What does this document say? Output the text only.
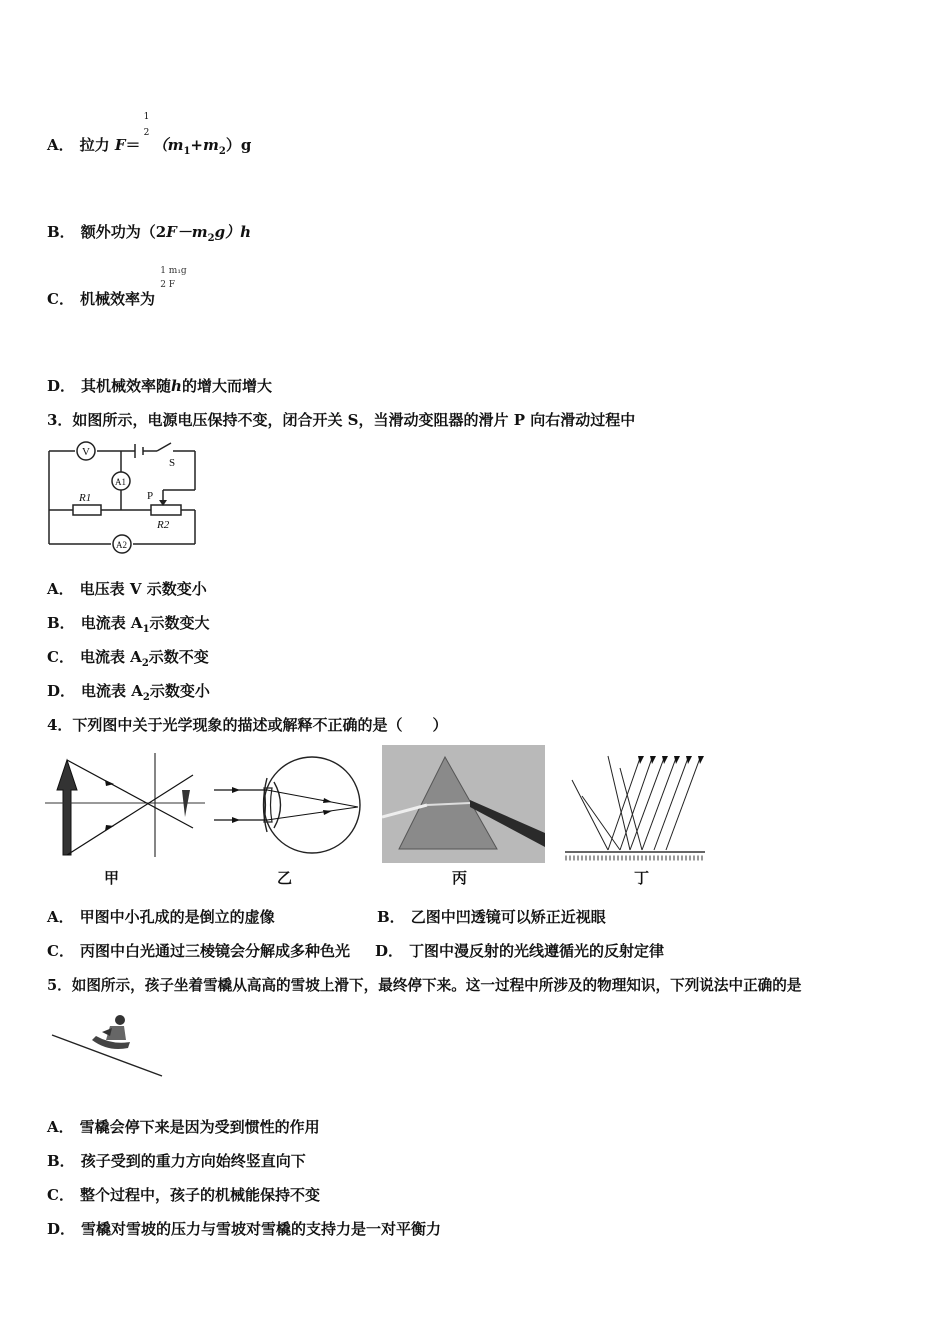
A． 拉力 F＝
1
2
$(m_1+m_2)g$
B． 额外功为$(2F-m_2g)h$
C． 机械效率为
1 m₁g
2 F
D． 其机械效率随h的增大而增大
3．如图所示，电源电压保持不变，闭合开关 S，当滑动变阻器的滑片 P 向右滑动过程中
V
A1
A2
S
R1
R2
P
A． 电压表 V 示数变小
B． 电流表 $A_1$示数变大
C． 电流表 $A_2$示数不变
D． 电流表 $A_2$示数变小
4．下列图中关于光学现象的描述或解释不正确的是（　　）
甲	乙	丙	丁
A． 甲图中小孔成的是倒立的虚像	B． 乙图中凹透镜可以矫正近视眼
C． 丙图中白光通过三棱镜会分解成多种色光 D． 丁图中漫反射的光线遵循光的反射定律
5．如图所示，孩子坐着雪橇从高高的雪坡上滑下，最终停下来。这一过程中所涉及的物理知识，下列说法中正确的是
A． 雪橇会停下来是因为受到惯性的作用
B． 孩子受到的重力方向始终竖直向下
C． 整个过程中，孩子的机械能保持不变
D． 雪橇对雪坡的压力与雪坡对雪橇的支持力是一对平衡力
